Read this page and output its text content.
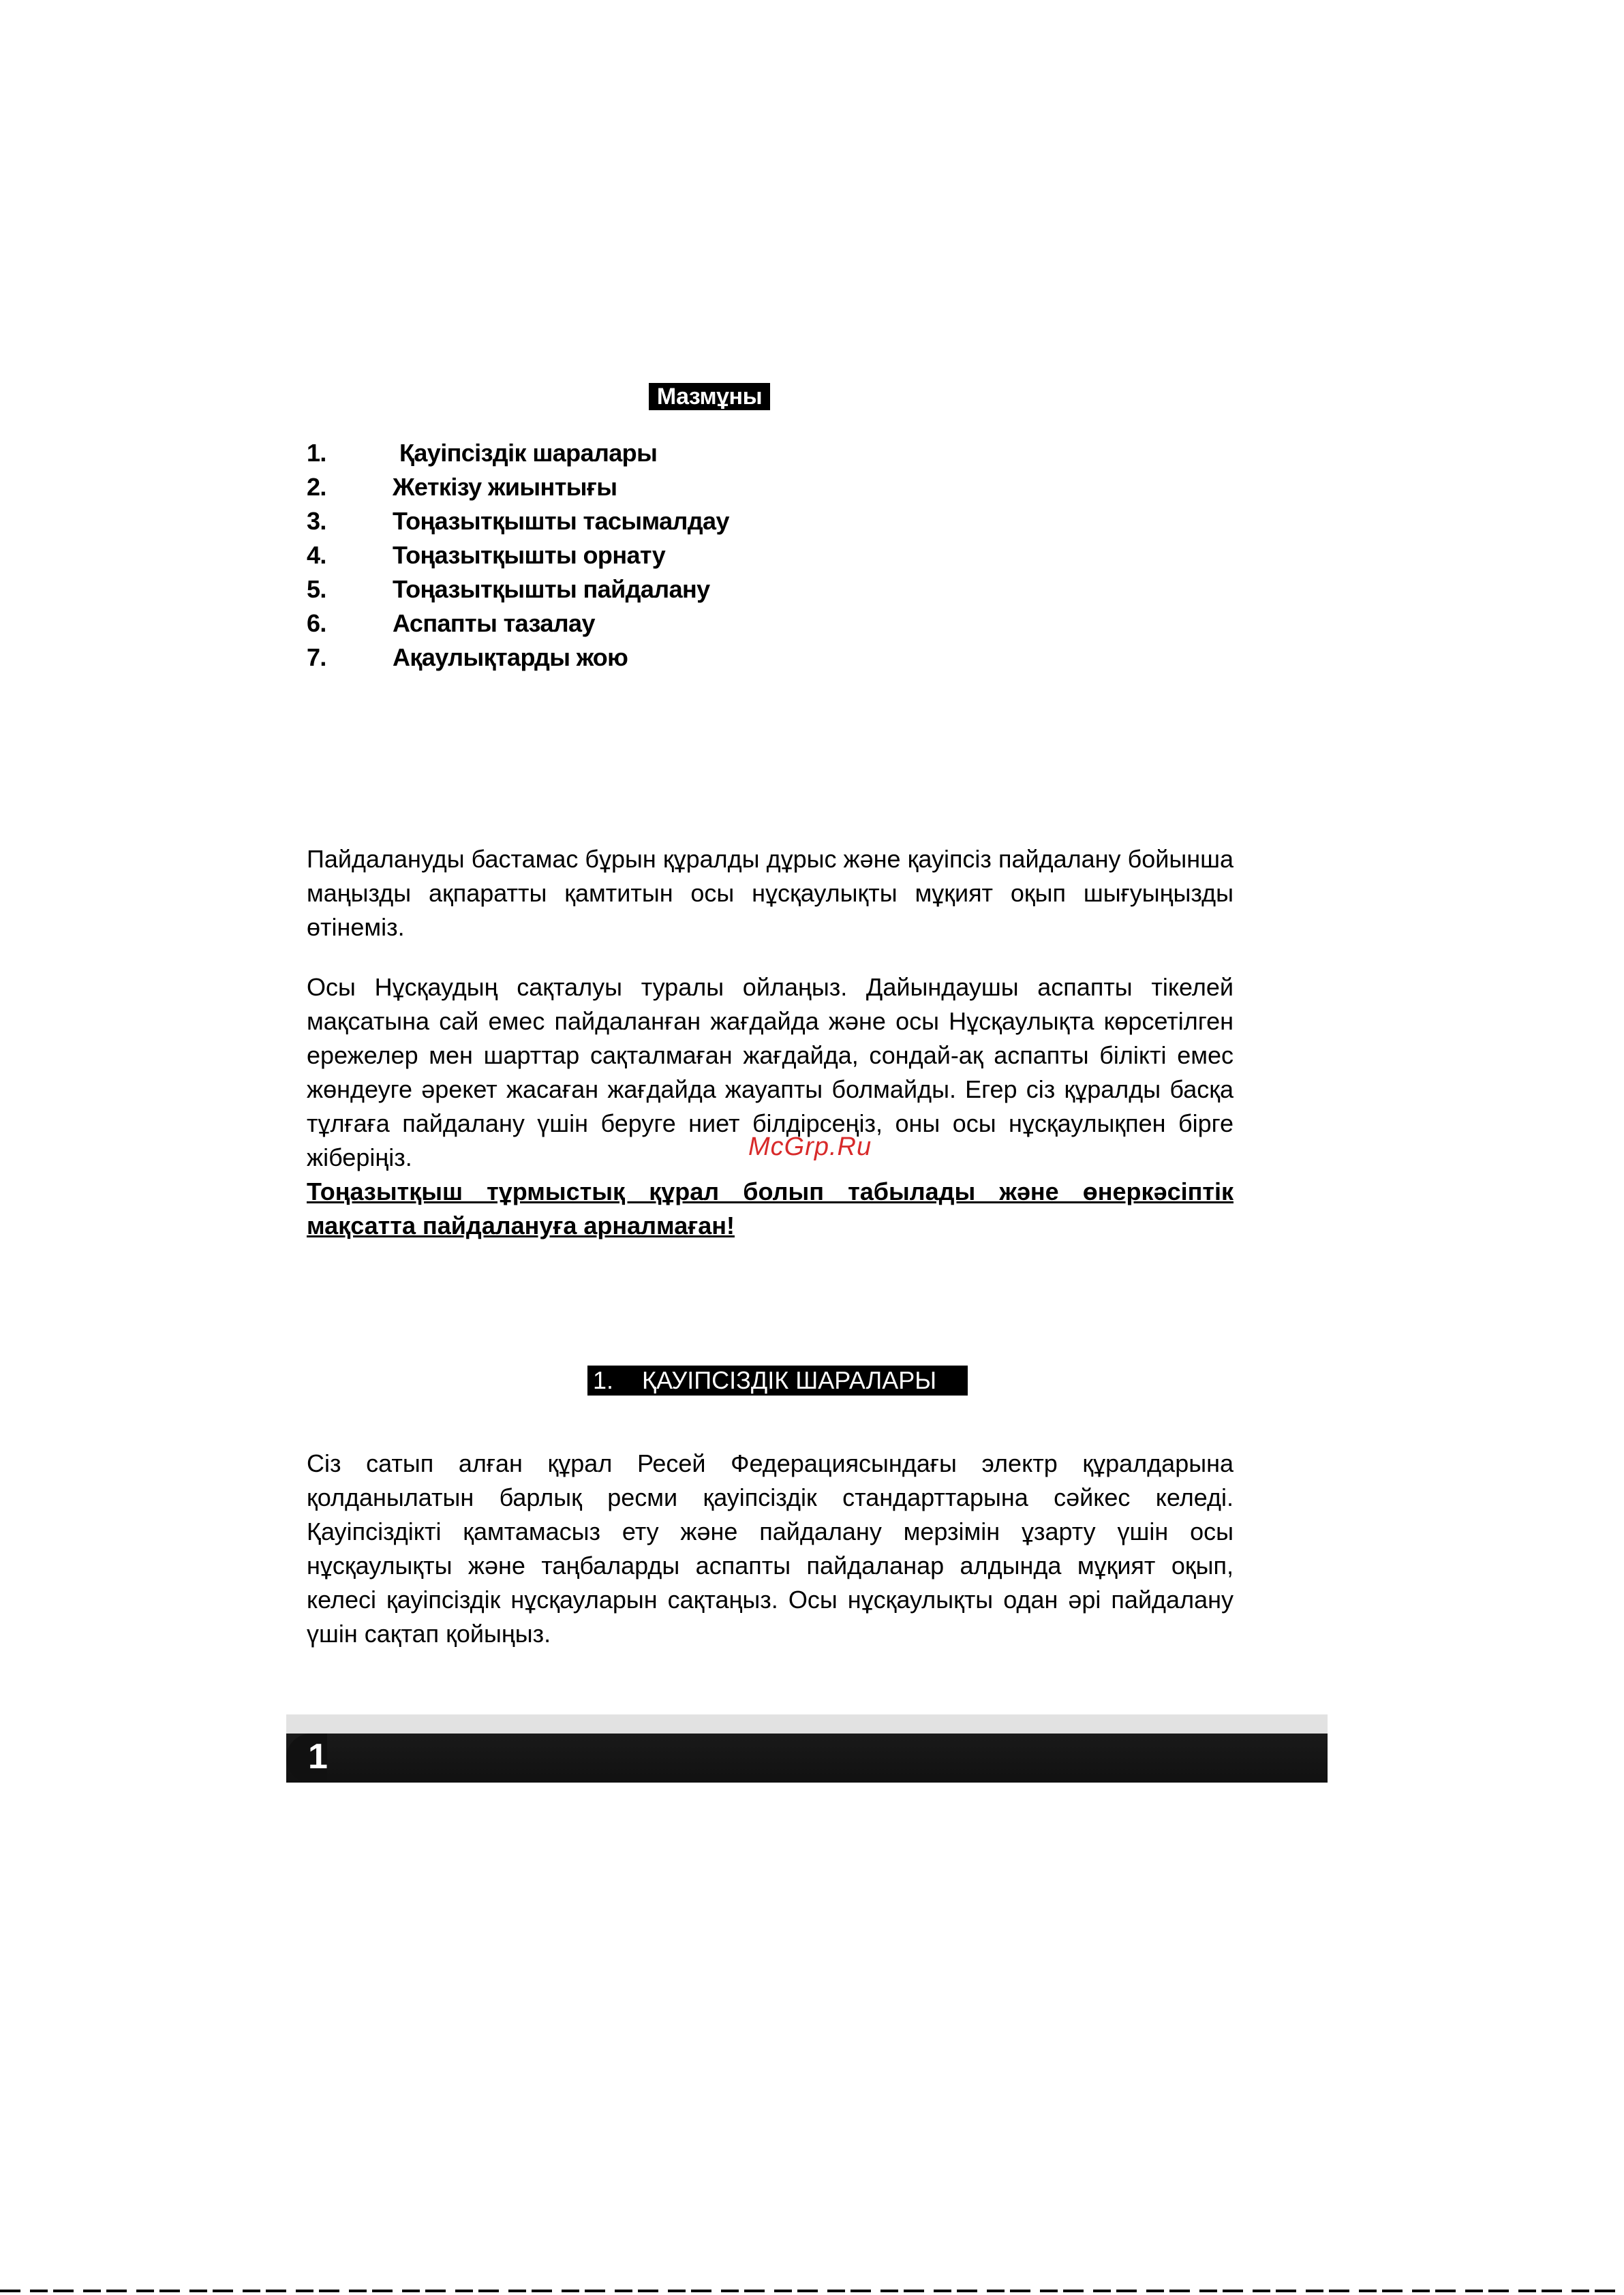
Мазмұны
1.	Қауіпсіздік шаралары
2.	Жеткізу жиынтығы
3.	Тоңазытқышты тасымалдау
4.	Тоңазытқышты орнату
5.	Тоңазытқышты пайдалану
6.	Аспапты тазалау
7.	Ақаулықтарды жою

Пайдалануды бастамас бұрын құралды дұрыс және қауіпсіз пайдалану бойынша маңызды ақпаратты қамтитын осы нұсқаулықты мұқият оқып шығуыңызды өтінеміз.

Осы Нұсқаудың сақталуы туралы ойлаңыз. Дайындаушы аспапты тікелей мақсатына сай емес пайдаланған жағдайда және осы Нұсқаулықта көрсетілген ережелер мен шарттар сақталмаған жағдайда, сондай-ақ аспапты білікті емес жөндеуге әрекет жасаған жағдайда жауапты болмайды. Егер сіз құралды басқа тұлғаға пайдалану үшін беруге ниет білдірсеңіз, оны осы нұсқаулықпен бірге жіберіңіз.	McGrp.Ru

Тоңазытқыш тұрмыстық құрал болып табылады және өнеркәсіптік мақсатта пайдалануға арналмаған!

1. ҚАУІПСІЗДІК ШАРАЛАРЫ

Сіз сатып алған құрал Ресей Федерациясындағы электр құралдарына қолданылатын барлық ресми қауіпсіздік стандарттарына сәйкес келеді. Қауіпсіздікті қамтамасыз ету және пайдалану мерзімін ұзарту үшін осы нұсқаулықты және таңбаларды аспапты пайдаланар алдында мұқият оқып, келесі қауіпсіздік нұсқауларын сақтаңыз. Осы нұсқаулықты одан әрі пайдалану үшін сақтап қойыңыз.

1
